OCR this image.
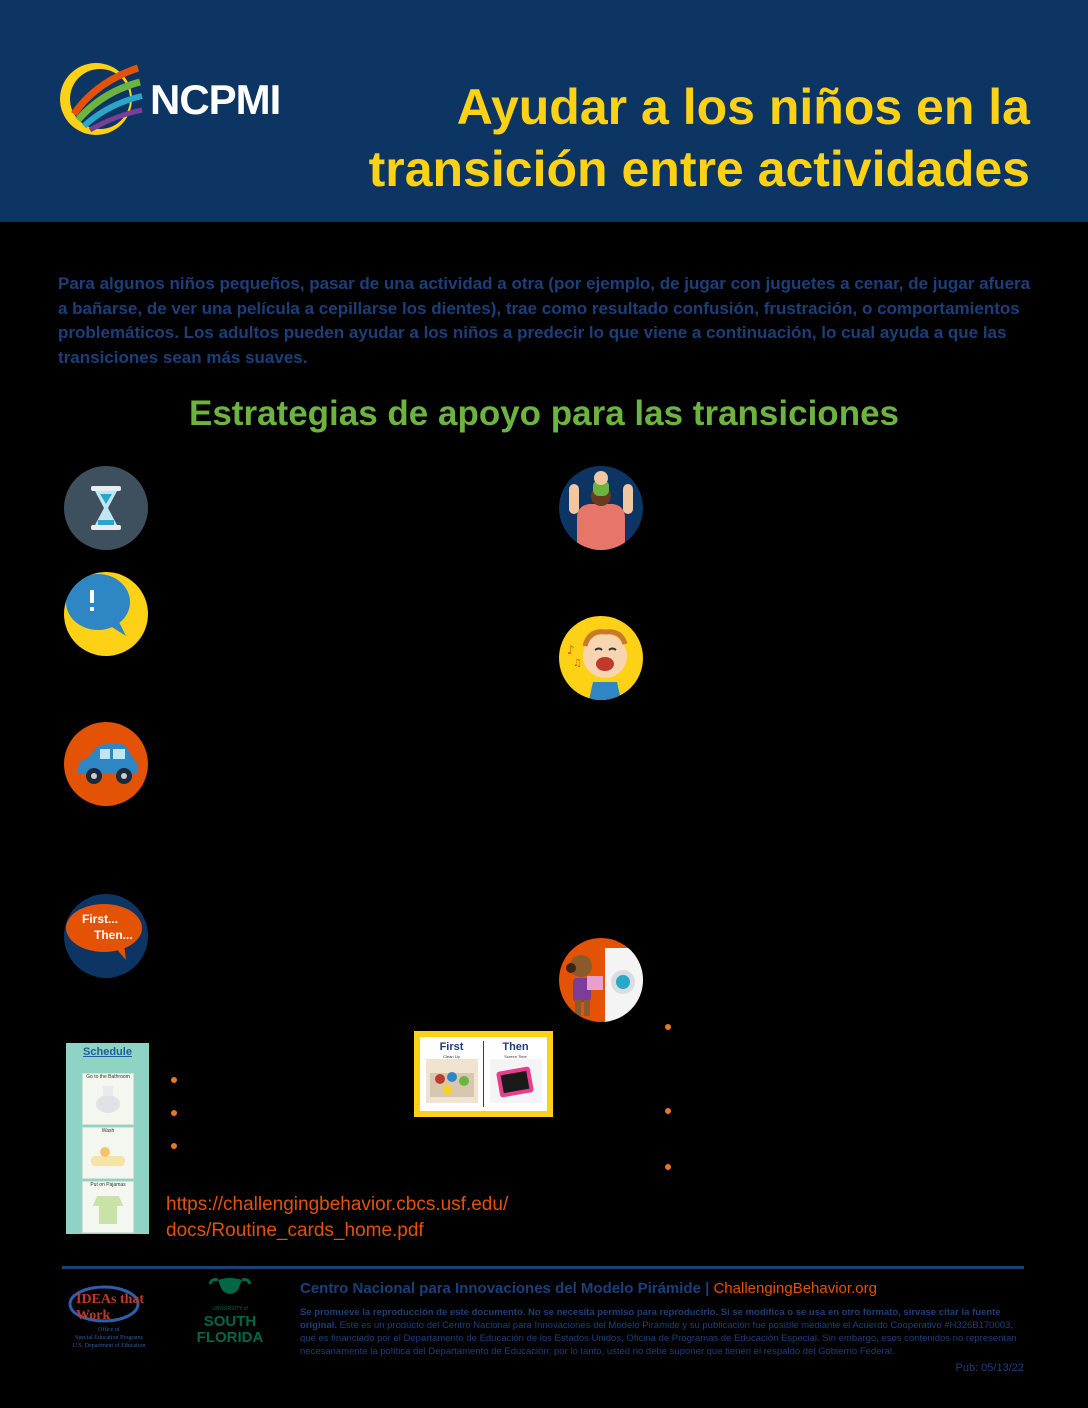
NCPMI	Ayudar a los niños en la
transición entre actividades
Para algunos niños pequeños, pasar de una actividad a otra (por ejemplo, de jugar con juguetes a cenar, de jugar afuera a bañarse, de ver una película a cepillarse los dientes), trae como resultado confusión, frustración, o comportamientos problemáticos. Los adultos pueden ayudar a los niños a predecir lo que viene a continuación, lo cual ayuda a que las transiciones sean más suaves.
Estrategias de apoyo para las transiciones
First...
Then...
♪
♫
Schedule
Go to the Bathroom
Wash
Put on Pajamas
First
Clean Up
Then
Screen Time
https://challengingbehavior.cbcs.usf.edu/
docs/Routine_cards_home.pdf
IDEAs that Work
Office of
Special Education Programs
U.S. Department of Education
UNIVERSITY of
SOUTH
FLORIDA
Centro Nacional para Innovaciones del Modelo Pirámide | ChallengingBehavior.org
Se promueve la reproducción de este documento. No se necesita permiso para reproducirlo. Si se modifica o se usa en otro formato, sírvase citar la fuente original. Este es un producto del Centro Nacional para Innovaciones del Modelo Pirámide y su publicación fue posible mediante el Acuerdo Cooperativo #H326B170003, que es financiado por el Departamento de Educación de los Estados Unidos, Oficina de Programas de Educación Especial. Sin embargo, esos contenidos no representan necesariamente la política del Departamento de Educación; por lo tanto, usted no debe suponer que tienen el respaldo del Gobierno Federal.
Pub: 05/13/22
